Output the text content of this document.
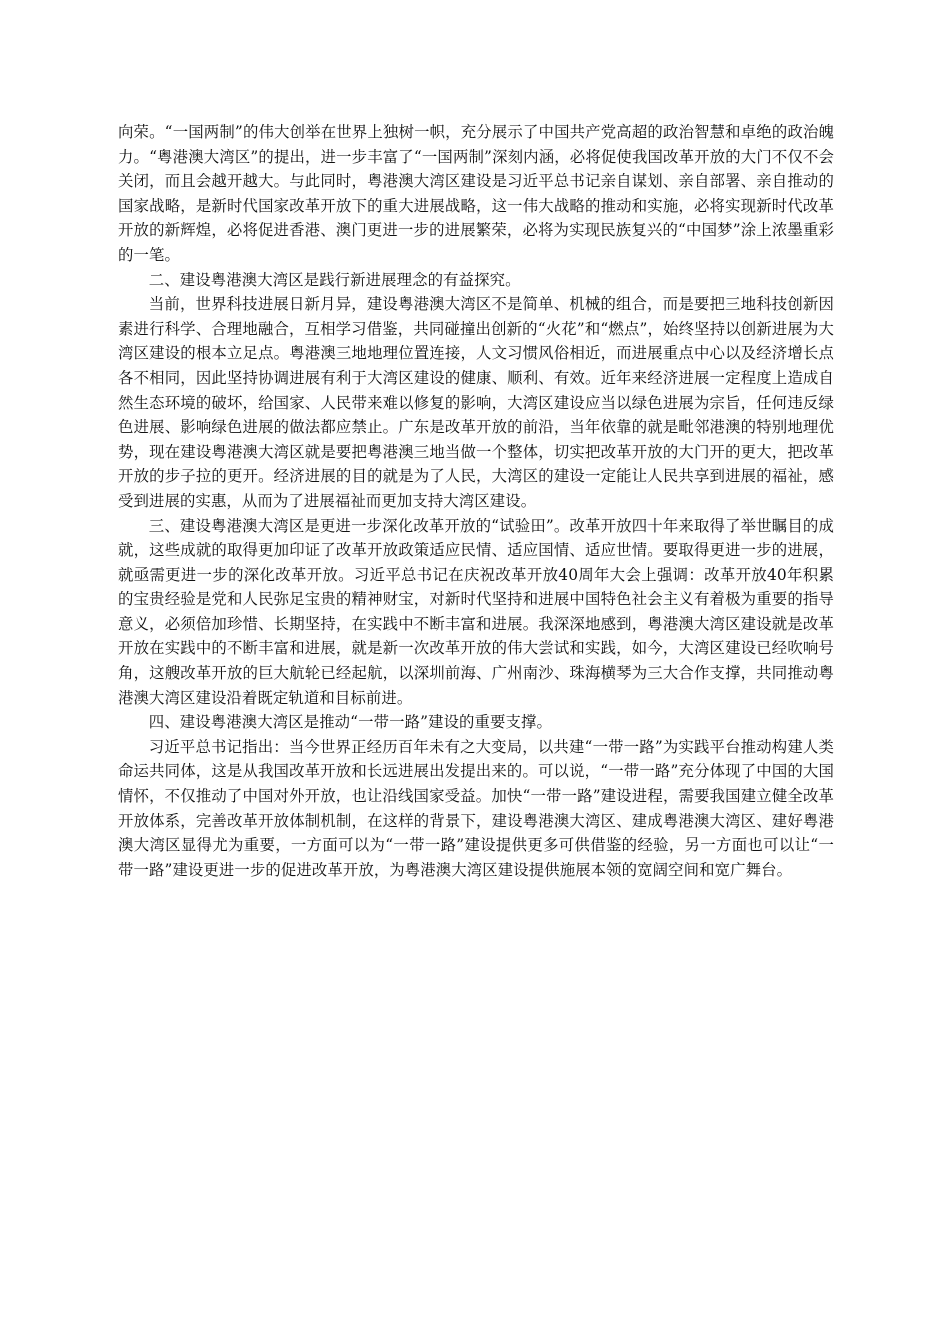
向荣。“一国两制”的伟大创举在世界上独树一帜，充分展示了中国共产党高超的政治智慧和卓绝的政治魄力。“粤港澳大湾区”的提出，进一步丰富了“一国两制”深刻内涵，必将促使我国改革开放的大门不仅不会关闭，而且会越开越大。与此同时，粤港澳大湾区建设是习近平总书记亲自谋划、亲自部署、亲自推动的国家战略，是新时代国家改革开放下的重大进展战略，这一伟大战略的推动和实施，必将实现新时代改革开放的新辉煌，必将促进香港、澳门更进一步的进展繁荣，必将为实现民族复兴的“中国梦”涂上浓墨重彩的一笔。

二、建设粤港澳大湾区是践行新进展理念的有益探究。

当前，世界科技进展日新月异，建设粤港澳大湾区不是简单、机械的组合，而是要把三地科技创新因素进行科学、合理地融合，互相学习借鉴，共同碰撞出创新的“火花”和“燃点”，始终坚持以创新进展为大湾区建设的根本立足点。粤港澳三地地理位置连接，人文习惯风俗相近，而进展重点中心以及经济增长点各不相同，因此坚持协调进展有利于大湾区建设的健康、顺利、有效。近年来经济进展一定程度上造成自然生态环境的破坏，给国家、人民带来难以修复的影响，大湾区建设应当以绿色进展为宗旨，任何违反绿色进展、影响绿色进展的做法都应禁止。广东是改革开放的前沿，当年依靠的就是毗邻港澳的特别地理优势，现在建设粤港澳大湾区就是要把粤港澳三地当做一个整体，切实把改革开放的大门开的更大，把改革开放的步子拉的更开。经济进展的目的就是为了人民，大湾区的建设一定能让人民共享到进展的福祉，感受到进展的实惠，从而为了进展福祉而更加支持大湾区建设。

三、建设粤港澳大湾区是更进一步深化改革开放的“试验田”。改革开放四十年来取得了举世瞩目的成就，这些成就的取得更加印证了改革开放政策适应民情、适应国情、适应世情。要取得更进一步的进展，就亟需更进一步的深化改革开放。习近平总书记在庆祝改革开放40周年大会上强调：改革开放40年积累的宝贵经验是党和人民弥足宝贵的精神财宝，对新时代坚持和进展中国特色社会主义有着极为重要的指导意义，必须倍加珍惜、长期坚持，在实践中不断丰富和进展。我深深地感到，粤港澳大湾区建设就是改革开放在实践中的不断丰富和进展，就是新一次改革开放的伟大尝试和实践，如今，大湾区建设已经吹响号角，这艘改革开放的巨大航轮已经起航，以深圳前海、广州南沙、珠海横琴为三大合作支撑，共同推动粤港澳大湾区建设沿着既定轨道和目标前进。

四、建设粤港澳大湾区是推动“一带一路”建设的重要支撑。

习近平总书记指出：当今世界正经历百年未有之大变局，以共建“一带一路”为实践平台推动构建人类命运共同体，这是从我国改革开放和长远进展出发提出来的。可以说，“一带一路”充分体现了中国的大国情怀，不仅推动了中国对外开放，也让沿线国家受益。加快“一带一路”建设进程，需要我国建立健全改革开放体系，完善改革开放体制机制，在这样的背景下，建设粤港澳大湾区、建成粤港澳大湾区、建好粤港澳大湾区显得尤为重要，一方面可以为“一带一路”建设提供更多可供借鉴的经验，另一方面也可以让“一带一路”建设更进一步的促进改革开放，为粤港澳大湾区建设提供施展本领的宽阔空间和宽广舞台。
